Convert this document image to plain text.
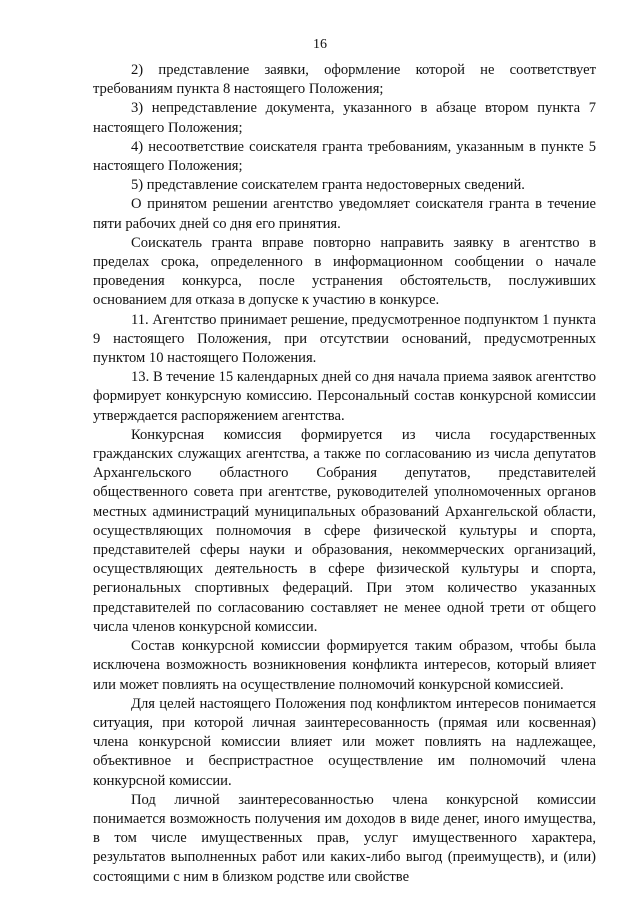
16

2) представление заявки, оформление которой не соответствует требованиям пункта 8 настоящего Положения;

3) непредставление документа, указанного в абзаце втором пункта 7 настоящего Положения;

4) несоответствие соискателя гранта требованиям, указанным в пункте 5 настоящего Положения;

5) представление соискателем гранта недостоверных сведений.

О принятом решении агентство уведомляет соискателя гранта в течение пяти рабочих дней со дня его принятия.

Соискатель гранта вправе повторно направить заявку в агентство в пределах срока, определенного в информационном сообщении о начале проведения конкурса, после устранения обстоятельств, послуживших основанием для отказа в допуске к участию в конкурсе.

11. Агентство принимает решение, предусмотренное подпунктом 1 пункта 9 настоящего Положения, при отсутствии оснований, предусмотренных пунктом 10 настоящего Положения.

13. В течение 15 календарных дней со дня начала приема заявок агентство формирует конкурсную комиссию. Персональный состав конкурсной комиссии утверждается распоряжением агентства.

Конкурсная комиссия формируется из числа государственных гражданских служащих агентства, а также по согласованию из числа депутатов Архангельского областного Собрания депутатов, представителей общественного совета при агентстве, руководителей уполномоченных органов местных администраций муниципальных образований Архангельской области, осуществляющих полномочия в сфере физической культуры и спорта, представителей сферы науки и образования, некоммерческих организаций, осуществляющих деятельность в сфере физической культуры и спорта, региональных спортивных федераций. При этом количество указанных представителей по согласованию составляет не менее одной трети от общего числа членов конкурсной комиссии.

Состав конкурсной комиссии формируется таким образом, чтобы была исключена возможность возникновения конфликта интересов, который влияет или может повлиять на осуществление полномочий конкурсной комиссией.

Для целей настоящего Положения под конфликтом интересов понимается ситуация, при которой личная заинтересованность (прямая или косвенная) члена конкурсной комиссии влияет или может повлиять на надлежащее, объективное и беспристрастное осуществление им полномочий члена конкурсной комиссии.

Под личной заинтересованностью члена конкурсной комиссии понимается возможность получения им доходов в виде денег, иного имущества, в том числе имущественных прав, услуг имущественного характера, результатов выполненных работ или каких-либо выгод (преимуществ), и (или) состоящими с ним в близком родстве или свойстве
